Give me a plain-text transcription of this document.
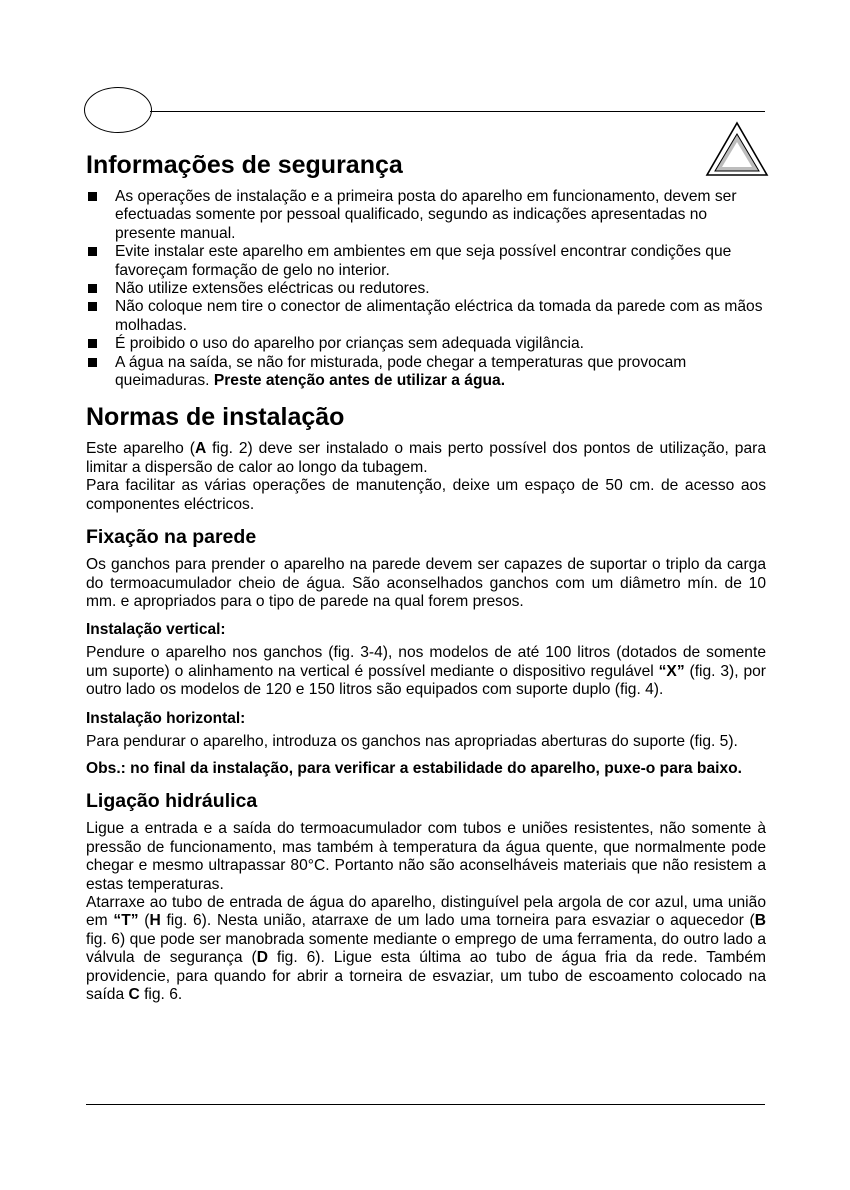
Informações de segurança
As operações de instalação e a primeira posta do aparelho em funcionamento, devem ser efectuadas somente por pessoal qualificado, segundo as indicações apresentadas no presente manual.
Evite instalar este aparelho em ambientes em que seja possível encontrar condições que favoreçam formação de gelo no interior.
Não utilize extensões eléctricas ou redutores.
Não coloque nem tire o conector de alimentação eléctrica da tomada da parede com as mãos molhadas.
É proibido o uso do aparelho por crianças sem adequada vigilância.
A água na saída, se não for misturada, pode chegar a temperaturas que provocam queimaduras. Preste atenção antes de utilizar a água.
Normas de instalação

Este aparelho (A fig. 2) deve ser instalado o mais perto possível dos pontos de utilização, para limitar a dispersão de calor ao longo da tubagem.

Para facilitar as várias operações de manutenção, deixe um espaço de 50 cm. de acesso aos componentes eléctricos.

Fixação na parede

Os ganchos para prender o aparelho na parede devem ser capazes de suportar o triplo da carga do termoacumulador cheio de água. São aconselhados ganchos com um diâmetro mín. de 10 mm. e apropriados para o tipo de parede na qual forem presos.

Instalação vertical:

Pendure o aparelho nos ganchos (fig. 3-4), nos modelos de até 100 litros (dotados de somente um suporte) o alinhamento na vertical é possível mediante o dispositivo regulável “X” (fig. 3), por outro lado os modelos de 120 e 150 litros são equipados com suporte duplo (fig. 4).

Instalação horizontal:

Para pendurar o aparelho, introduza os ganchos nas apropriadas aberturas do suporte (fig. 5).

Obs.: no final da instalação, para verificar a estabilidade do aparelho, puxe-o para baixo.

Ligação hidráulica

Ligue a entrada e a saída do termoacumulador com tubos e uniões resistentes, não somente à pressão de funcionamento, mas também à temperatura da água quente, que normalmente pode chegar e mesmo ultrapassar 80°C. Portanto não são aconselháveis materiais que não resistem a estas temperaturas.

Atarraxe ao tubo de entrada de água do aparelho, distinguível pela argola de cor azul, uma união em “T” (H fig. 6). Nesta união, atarraxe de um lado uma torneira para esvaziar o aquecedor (B fig. 6) que pode ser manobrada somente mediante o emprego de uma ferramenta, do outro lado a válvula de segurança (D fig. 6). Ligue esta última ao tubo de água fria da rede. Também providencie, para quando for abrir a torneira de esvaziar, um tubo de escoamento colocado na saída C fig. 6.
